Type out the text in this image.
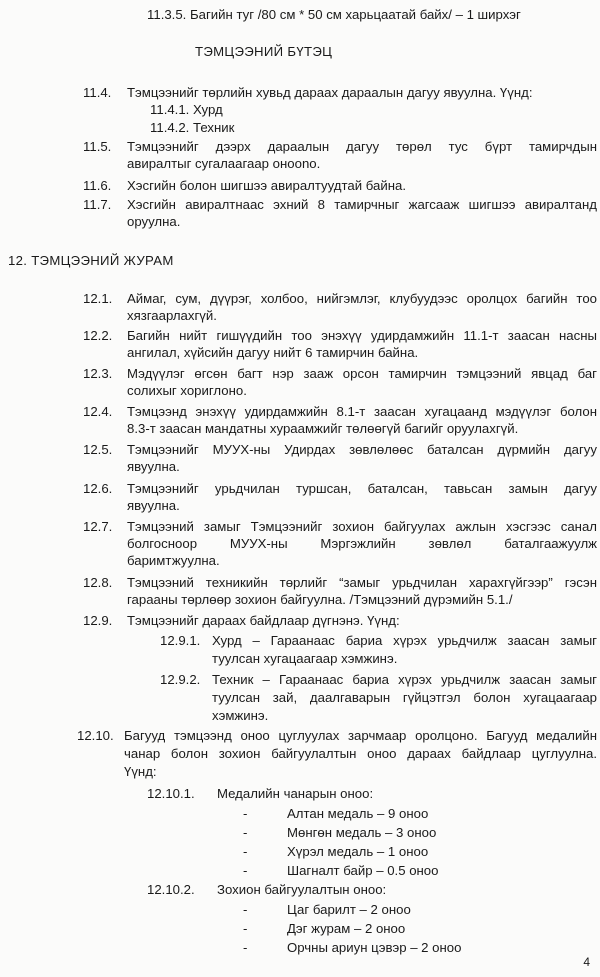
11.3.5. Багийн туг /80 см * 50 см харьцаатай байх/ – 1 ширхэг
ТЭМЦЭЭНИЙ БҮТЭЦ
11.4. Тэмцээнийг төрлийн хувьд дараах дараалын дагуу явуулна. Үүнд:
11.4.1. Хурд
11.4.2. Техник
11.5. Тэмцээнийг дээрх дараалын дагуу төрөл тус бүрт тамирчдын
авиралтыг сугалаагаар оноono.
11.6. Хэсгийн болон шигшээ авиралтуудтай байна.
11.7. Хэсгийн авиралтнаас эхний 8 тамирчныг жагсааж шигшээ авиралтанд
оруулна.
12. ТЭМЦЭЭНИЙ ЖУРАМ
12.1. Аймаг, сум, дүүрэг, холбоо, нийгэмлэг, клубуудээс оролцох багийн тоо
хязгаарлахгүй.
12.2. Багийн нийт гишүүдийн тоо энэхүү удирдамжийн 11.1-т заасан насны
ангилал, хүйсийн дагуу нийт 6 тамирчин байна.
12.3. Мэдүүлэг өгсөн багт нэр зааж орсон тамирчин тэмцээний явцад баг
солихыг хориглоно.
12.4. Тэмцээнд энэхүү удирдамжийн 8.1-т заасан хугацаанд мэдүүлэг болон
8.3-т заасан мандатны хураамжийг төлөөгүй багийг оруулахгүй.
12.5. Тэмцээнийг МУУХ-ны Удирдах зөвлөлөөс баталсан дүрмийн дагуу
явуулна.
12.6. Тэмцээнийг урьдчилан туршсан, баталсан, тавьсан замын дагуу
явуулна.
12.7. Тэмцээний замыг Тэмцээнийг зохион байгуулах ажлын хэсгээс санал
болгосноор      МУУХ-ны      Мэргэжлийн      зөвлөл      баталгаажуулж
баримтжуулна.
12.8. Тэмцээний техникийн төрлийг “замыг урьдчилан харахгүйгээр” гэсэн
гарааны төрлөөр зохион байгуулна. /Тэмцээний дүрэмийн 5.1./
12.9. Тэмцээнийг дараах байдлаар дүгнэнэ. Үүнд:
12.9.1. Хурд – Гараанаас бариа хүрэх урьдчилж заасан замыг
туулсан хугацаагаар хэмжинэ.
12.9.2. Техник – Гараанаас бариа хүрэх урьдчилж заасан замыг
туулсан зай, даалгаварын гүйцэтгэл болон хугацаагаар
хэмжинэ.
12.10. Багууд тэмцээнд оноо цуглуулах зарчмаар оролцоно. Багууд медалийн
чанар болон зохион байгуулалтын оноо дараах байдлаар цуглуулна.
Үүнд:
12.10.1. Медалийн чанарын оноо:
-	Алтан медаль – 9 оноо
-	Мөнгөн медаль – 3 оноо
-	Хүрэл медаль – 1 оноо
-	Шагналт байр – 0.5 оноо
12.10.2. Зохион байгуулалтын оноо:
-	Цаг барилт – 2 оноо
-	Дэг журам – 2 оноо
-	Орчны ариун цэвэр – 2 оноо
4
